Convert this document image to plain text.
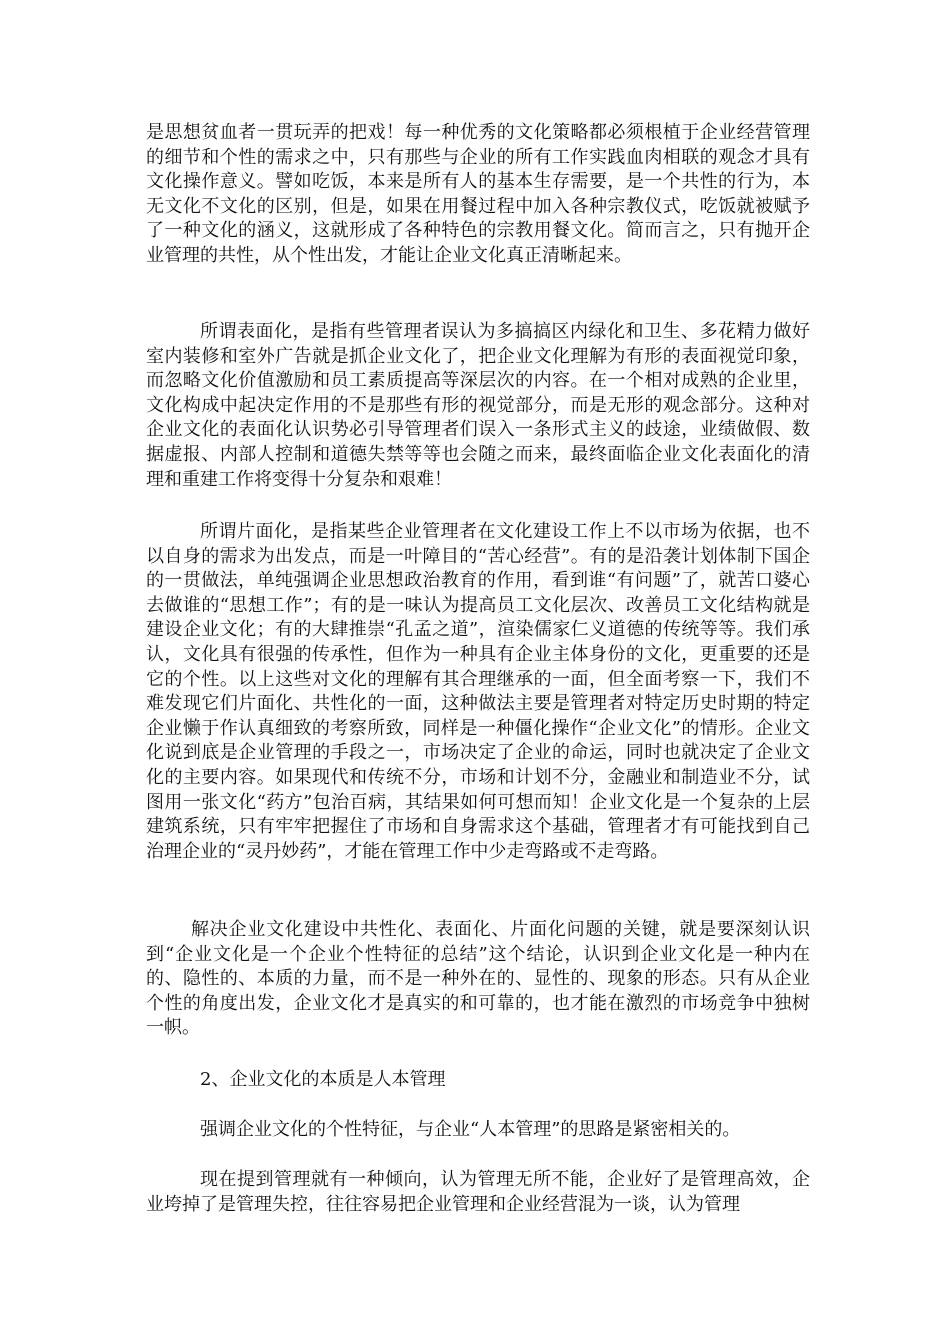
是思想贫血者一贯玩弄的把戏！每一种优秀的文化策略都必须根植于企业经营管理的细节和个性的需求之中，只有那些与企业的所有工作实践血肉相联的观念才具有文化操作意义。譬如吃饭，本来是所有人的基本生存需要，是一个共性的行为，本无文化不文化的区别，但是，如果在用餐过程中加入各种宗教仪式，吃饭就被赋予了一种文化的涵义，这就形成了各种特色的宗教用餐文化。简而言之，只有抛开企业管理的共性，从个性出发，才能让企业文化真正清晰起来。

所谓表面化，是指有些管理者误认为多搞搞区内绿化和卫生、多花精力做好室内装修和室外广告就是抓企业文化了，把企业文化理解为有形的表面视觉印象，而忽略文化价值激励和员工素质提高等深层次的内容。在一个相对成熟的企业里，文化构成中起决定作用的不是那些有形的视觉部分，而是无形的观念部分。这种对企业文化的表面化认识势必引导管理者们误入一条形式主义的歧途，业绩做假、数据虚报、内部人控制和道德失禁等等也会随之而来，最终面临企业文化表面化的清理和重建工作将变得十分复杂和艰难！

所谓片面化，是指某些企业管理者在文化建设工作上不以市场为依据，也不以自身的需求为出发点，而是一叶障目的“苦心经营”。有的是沿袭计划体制下国企的一贯做法，单纯强调企业思想政治教育的作用，看到谁“有问题”了，就苦口婆心去做谁的“思想工作”；有的是一味认为提高员工文化层次、改善员工文化结构就是建设企业文化；有的大肆推崇“孔孟之道”，渲染儒家仁义道德的传统等等。我们承认，文化具有很强的传承性，但作为一种具有企业主体身份的文化，更重要的还是它的个性。以上这些对文化的理解有其合理继承的一面，但全面考察一下，我们不难发现它们片面化、共性化的一面，这种做法主要是管理者对特定历史时期的特定企业懒于作认真细致的考察所致，同样是一种僵化操作“企业文化”的情形。企业文化说到底是企业管理的手段之一，市场决定了企业的命运，同时也就决定了企业文化的主要内容。如果现代和传统不分，市场和计划不分，金融业和制造业不分，试图用一张文化“药方”包治百病，其结果如何可想而知！企业文化是一个复杂的上层建筑系统，只有牢牢把握住了市场和自身需求这个基础，管理者才有可能找到自己治理企业的“灵丹妙药”，才能在管理工作中少走弯路或不走弯路。

解决企业文化建设中共性化、表面化、片面化问题的关键，就是要深刻认识到“企业文化是一个企业个性特征的总结”这个结论，认识到企业文化是一种内在的、隐性的、本质的力量，而不是一种外在的、显性的、现象的形态。只有从企业个性的角度出发，企业文化才是真实的和可靠的，也才能在激烈的市场竞争中独树一帜。

2、企业文化的本质是人本管理

强调企业文化的个性特征，与企业“人本管理”的思路是紧密相关的。

现在提到管理就有一种倾向，认为管理无所不能，企业好了是管理高效，企业垮掉了是管理失控，往往容易把企业管理和企业经营混为一谈，认为管理
